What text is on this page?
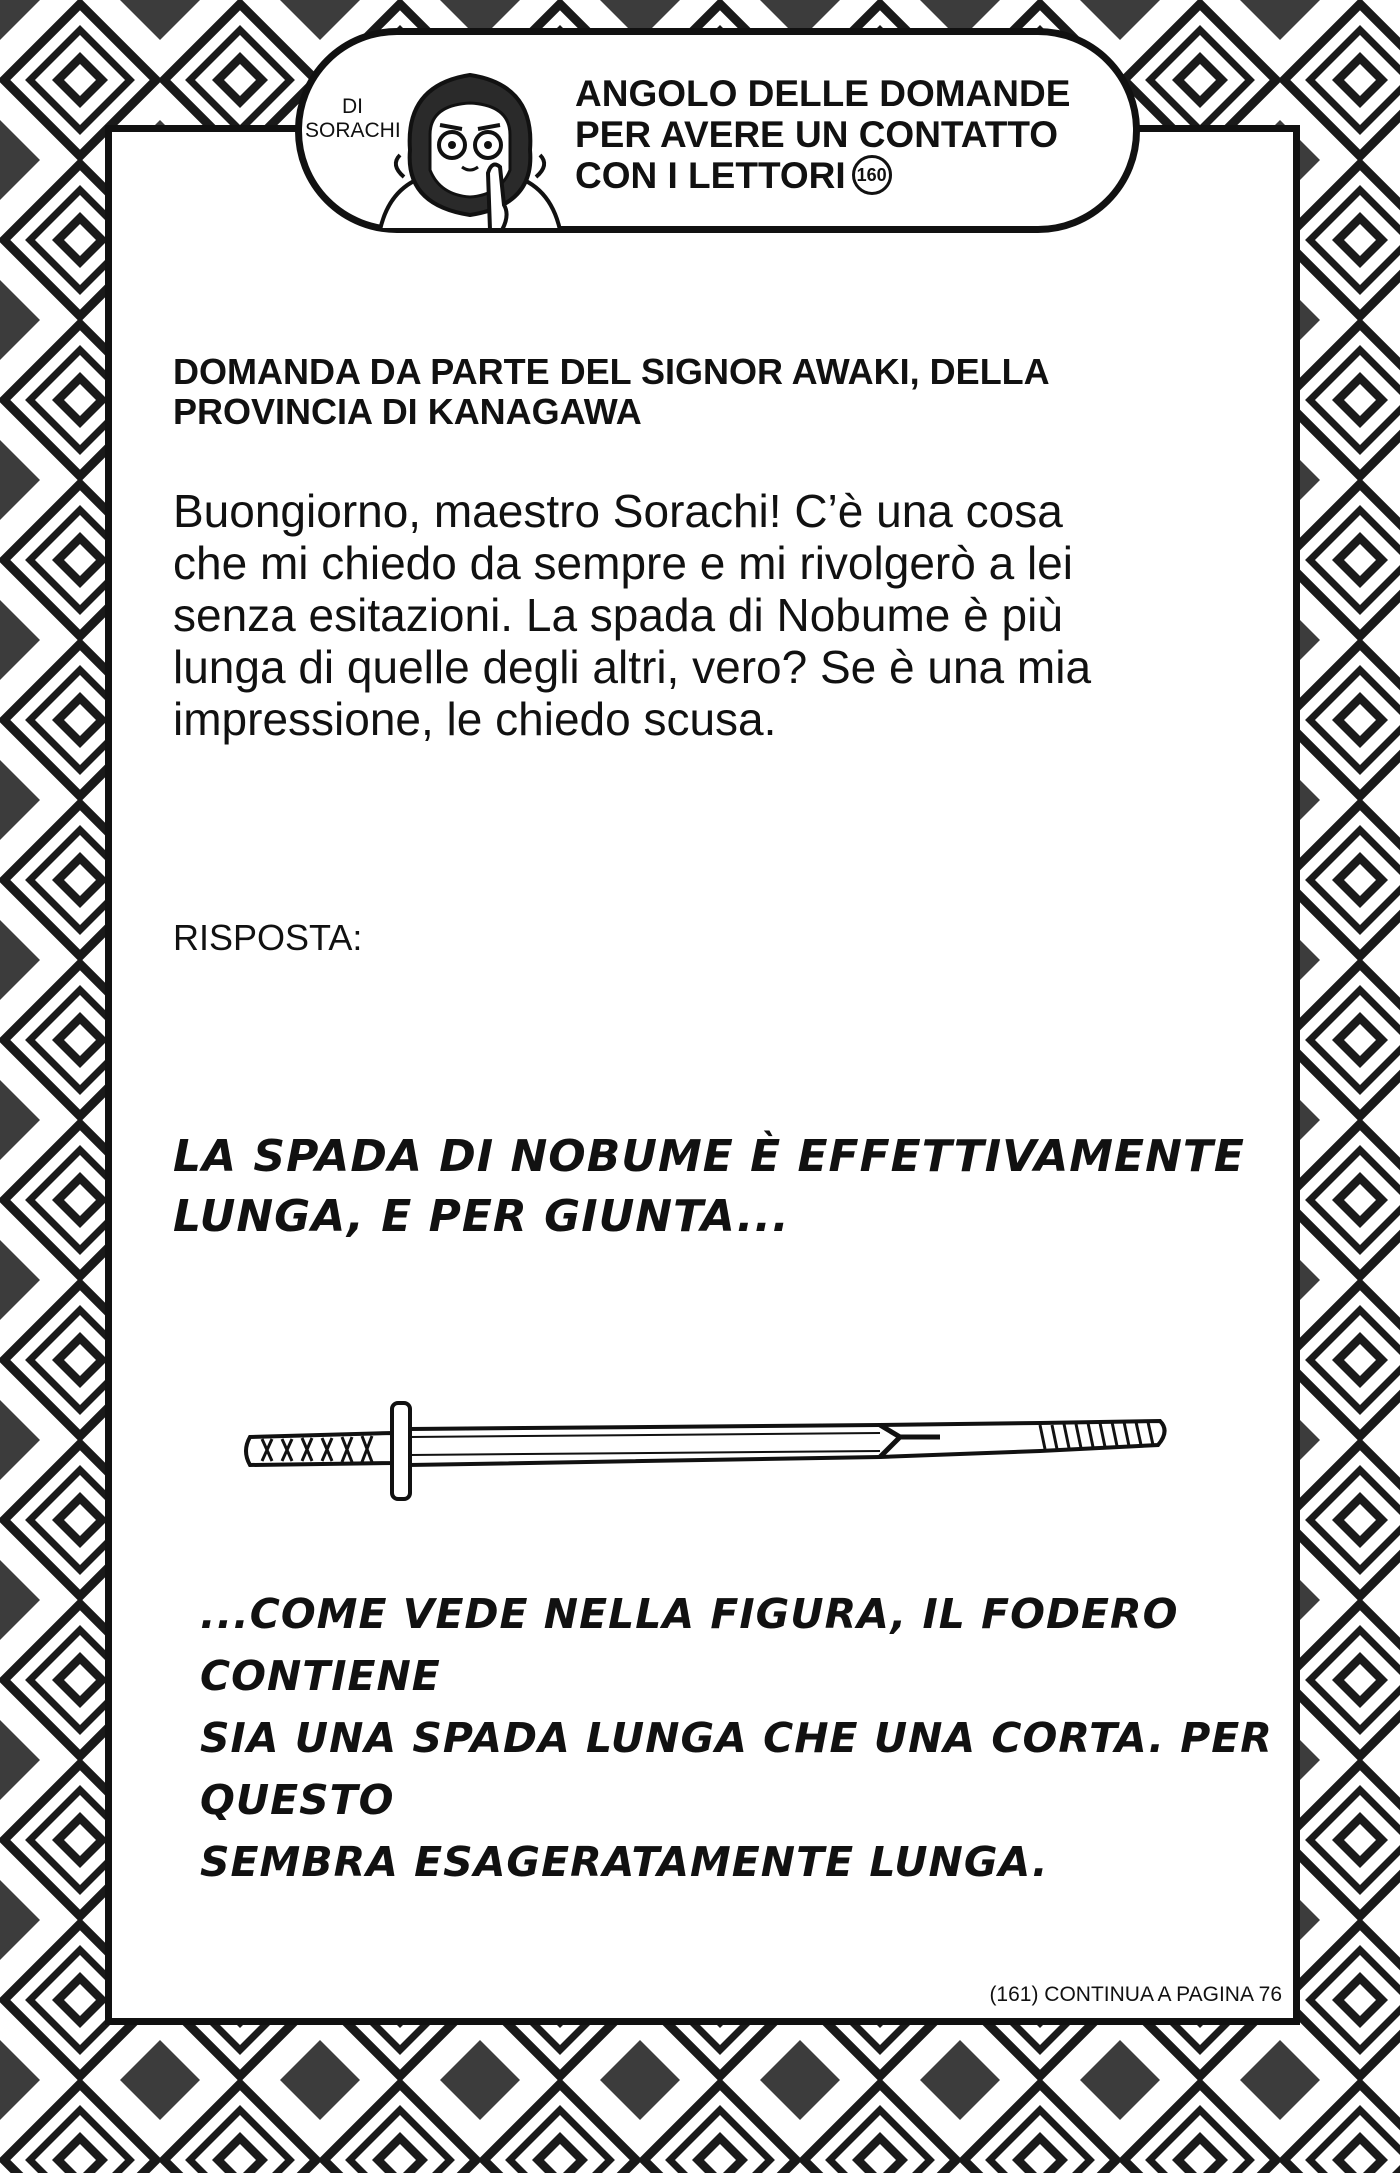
DI
SORACHI
ANGOLO DELLE DOMANDE
PER AVERE UN CONTATTO
CON I LETTORI 160
DOMANDA DA PARTE DEL SIGNOR AWAKI, DELLA
PROVINCIA DI KANAGAWA
Buongiorno, maestro Sorachi! C’è una cosa
che mi chiedo da sempre e mi rivolgerò a lei
senza esitazioni. La spada di Nobume è più
lunga di quelle degli altri, vero? Se è una mia
impressione, le chiedo scusa.
RISPOSTA:
LA SPADA DI NOBUME È EFFETTIVAMENTE
LUNGA, E PER GIUNTA...
...COME VEDE NELLA FIGURA, IL FODERO CONTIENE
SIA UNA SPADA LUNGA CHE UNA CORTA. PER QUESTO
SEMBRA ESAGERATAMENTE LUNGA.
(161) CONTINUA A PAGINA 76
